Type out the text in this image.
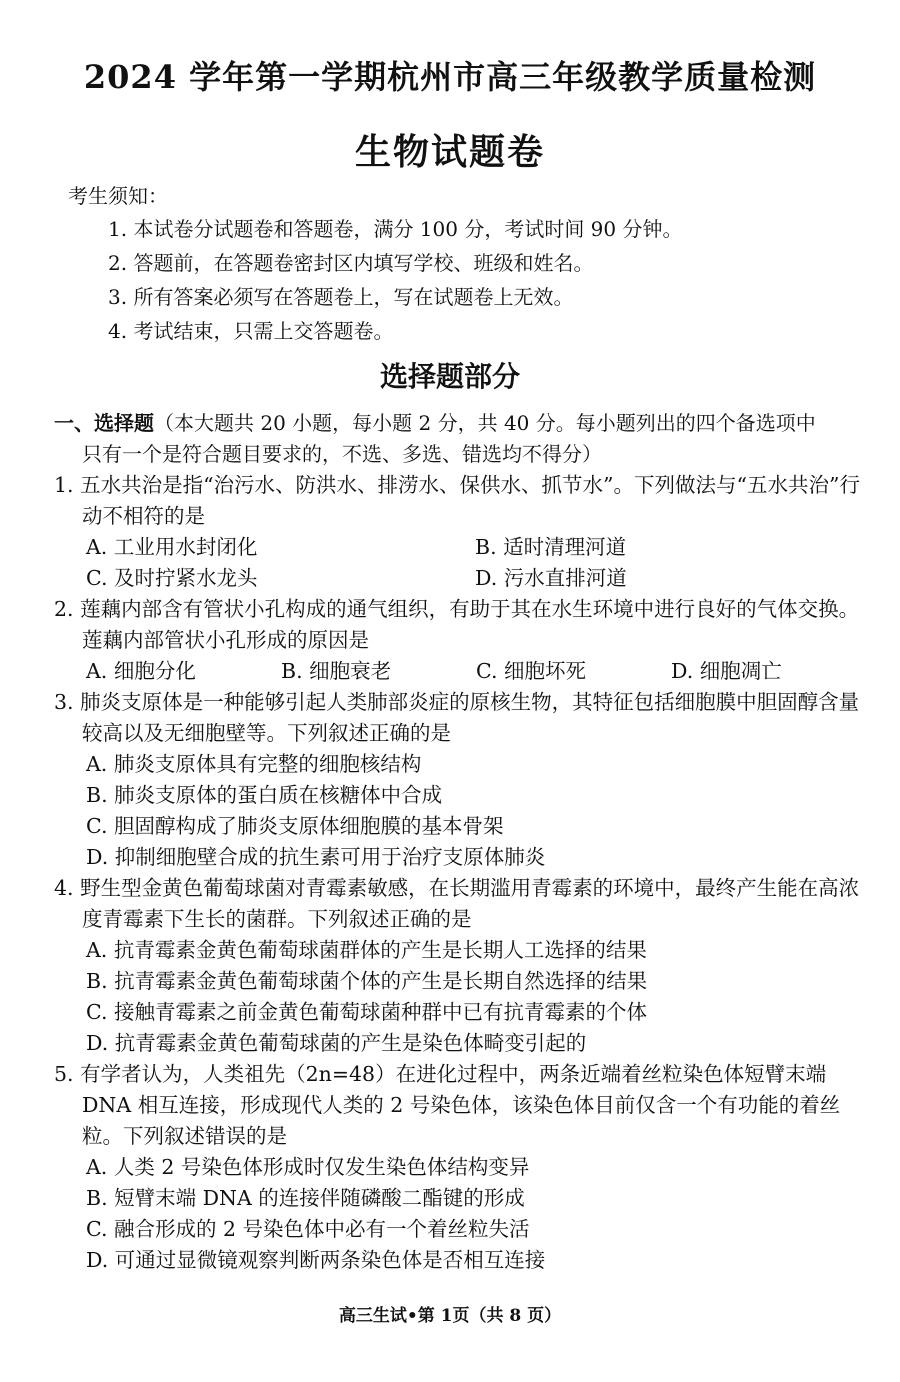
2024 学年第一学期杭州市高三年级教学质量检测
生物试题卷
考生须知：
1. 本试卷分试题卷和答题卷，满分 100 分，考试时间 90 分钟。
2. 答题前，在答题卷密封区内填写学校、班级和姓名。
3. 所有答案必须写在答题卷上，写在试题卷上无效。
4. 考试结束，只需上交答题卷。
选择题部分
一、选择题（本大题共 20 小题，每小题 2 分，共 40 分。每小题列出的四个备选项中
只有一个是符合题目要求的，不选、多选、错选均不得分）
1. 五水共治是指“治污水、防洪水、排涝水、保供水、抓节水”。下列做法与“五水共治”行动不相符的是
A. 工业用水封闭化	B. 适时清理河道
C. 及时拧紧水龙头	D. 污水直排河道
2. 莲藕内部含有管状小孔构成的通气组织，有助于其在水生环境中进行良好的气体交换。莲藕内部管状小孔形成的原因是
A. 细胞分化	B. 细胞衰老	C. 细胞坏死	D. 细胞凋亡
3. 肺炎支原体是一种能够引起人类肺部炎症的原核生物，其特征包括细胞膜中胆固醇含量较高以及无细胞壁等。下列叙述正确的是
A. 肺炎支原体具有完整的细胞核结构
B. 肺炎支原体的蛋白质在核糖体中合成
C. 胆固醇构成了肺炎支原体细胞膜的基本骨架
D. 抑制细胞壁合成的抗生素可用于治疗支原体肺炎
4. 野生型金黄色葡萄球菌对青霉素敏感，在长期滥用青霉素的环境中，最终产生能在高浓度青霉素下生长的菌群。下列叙述正确的是
A. 抗青霉素金黄色葡萄球菌群体的产生是长期人工选择的结果
B. 抗青霉素金黄色葡萄球菌个体的产生是长期自然选择的结果
C. 接触青霉素之前金黄色葡萄球菌种群中已有抗青霉素的个体
D. 抗青霉素金黄色葡萄球菌的产生是染色体畸变引起的
5. 有学者认为，人类祖先（2n=48）在进化过程中，两条近端着丝粒染色体短臂末端DNA 相互连接，形成现代人类的 2 号染色体，该染色体目前仅含一个有功能的着丝粒。下列叙述错误的是
A. 人类 2 号染色体形成时仅发生染色体结构变异
B. 短臂末端 DNA 的连接伴随磷酸二酯键的形成
C. 融合形成的 2 号染色体中必有一个着丝粒失活
D. 可通过显微镜观察判断两条染色体是否相互连接
高三生试•第 1页（共 8 页）
